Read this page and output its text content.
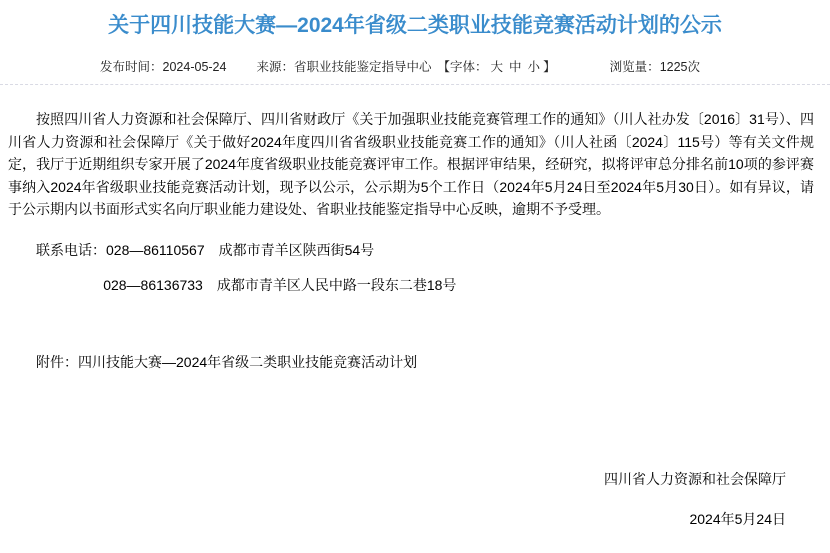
关于四川技能大赛—2024年省级二类职业技能竞赛活动计划的公示
发布时间：2024-05-24 来源：省职业技能鉴定指导中心 【字体： 大 中 小 】	浏览量：1225次

按照四川省人力资源和社会保障厅、四川省财政厅《关于加强职业技能竞赛管理工作的通知》（川人社办发〔2016〕31号）、四川省人力资源和社会保障厅《关于做好2024年度四川省省级职业技能竞赛工作的通知》（川人社函〔2024〕115号）等有关文件规定，我厅于近期组织专家开展了2024年度省级职业技能竞赛评审工作。根据评审结果，经研究，拟将评审总分排名前10项的参评赛事纳入2024年省级职业技能竞赛活动计划，现予以公示，公示期为5个工作日（2024年5月24日至2024年5月30日）。如有异议，请于公示期内以书面形式实名向厅职业能力建设处、省职业技能鉴定指导中心反映，逾期不予受理。

联系电话：028—86110567　成都市青羊区陕西街54号

028—86136733　成都市青羊区人民中路一段东二巷18号

附件：四川技能大赛—2024年省级二类职业技能竞赛活动计划

四川省人力资源和社会保障厅

2024年5月24日
